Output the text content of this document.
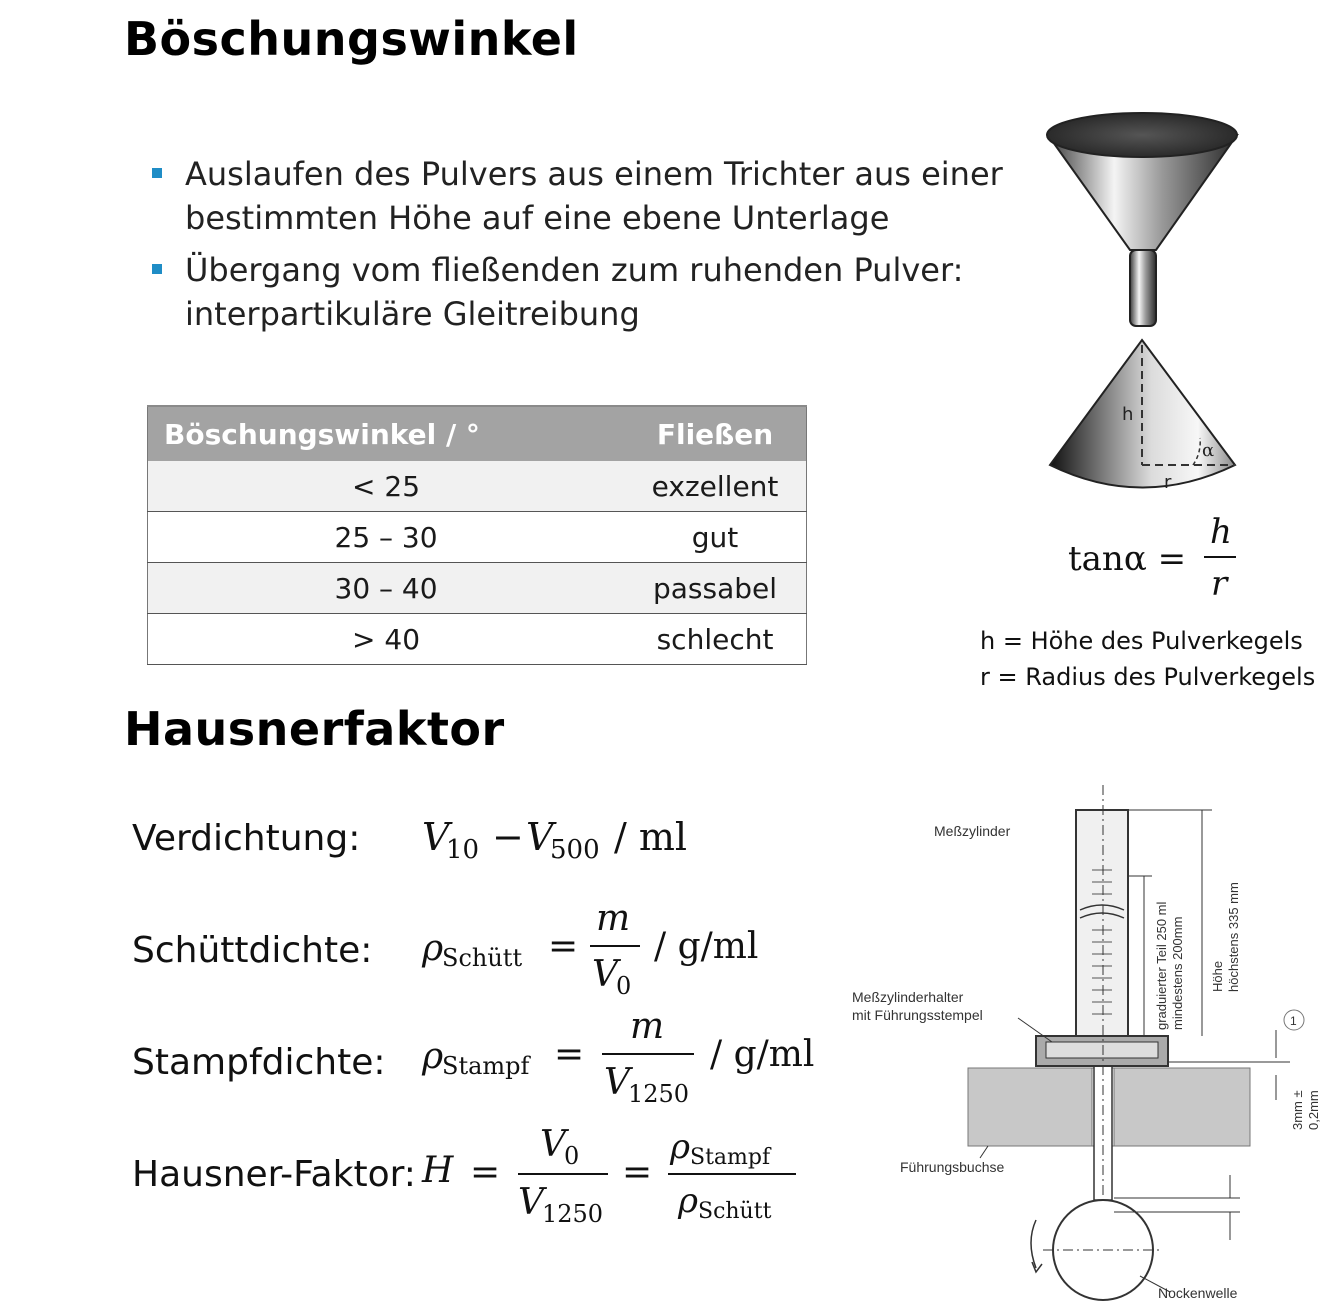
Böschungswinkel
Auslaufen des Pulvers aus einem Trichter aus einer bestimmten Höhe auf eine ebene Unterlage
Übergang vom fließenden zum ruhenden Pulver: interpartikuläre Gleitreibung
Böschungswinkel / °	Fließen
< 25	exzellent
25 – 30	gut
30 – 40	passabel
> 40	schlecht
h
r
α
tanα =
h
r
h = Höhe des Pulverkegels
r = Radius des Pulverkegels
Hausnerfaktor
Verdichtung:
Schüttdichte:
Stampfdichte:
Hausner-Faktor:
V
10 − V
500 / ml
ρ
Schütt =
m
V
0
/ g/ml
ρ
Stampf =
m
V
1250
/ g/ml
H =
V
0
V
1250
=
ρ Stampf
ρ Schütt
Meßzylinder
Meßzylinderhalter
mit Führungsstempel
Führungsbuchse
Nockenwelle
1
graduierter Teil 250 ml mindestens 200mm Höhe höchstens 335 mm
3mm ± 0,2mm
